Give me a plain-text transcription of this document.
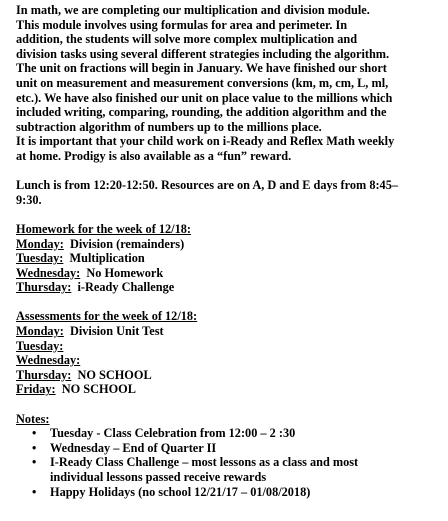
In math, we are completing our multiplication and division module.
This module involves using formulas for area and perimeter. In
addition, the students will solve more complex multiplication and
division tasks using several different strategies including the algorithm.
The unit on fractions will begin in January. We have finished our short
unit on measurement and measurement conversions (km, m, cm, L, ml,
etc.). We have also finished our unit on place value to the millions which
included writing, comparing, rounding, the addition algorithm and the
subtraction algorithm of numbers up to the millions place.
It is important that your child work on i-Ready and Reflex Math weekly
at home. Prodigy is also available as a “fun” reward.

Lunch is from 12:20-12:50. Resources are on A, D and E days from 8:45–
9:30.

Homework for the week of 12/18:
Monday:  Division (remainders)
Tuesday:  Multiplication
Wednesday:  No Homework
Thursday:  i-Ready Challenge
Assessments for the week of 12/18:
Monday:  Division Unit Test
Tuesday:
Wednesday:
Thursday:  NO SCHOOL
Friday:  NO SCHOOL
Notes:
• Tuesday - Class Celebration from 12:00 – 2 :30
• Wednesday – End of Quarter II
• I-Ready Class Challenge – most lessons as a class and most individual lessons passed receive rewards
• Happy Holidays (no school 12/21/17 – 01/08/2018)
